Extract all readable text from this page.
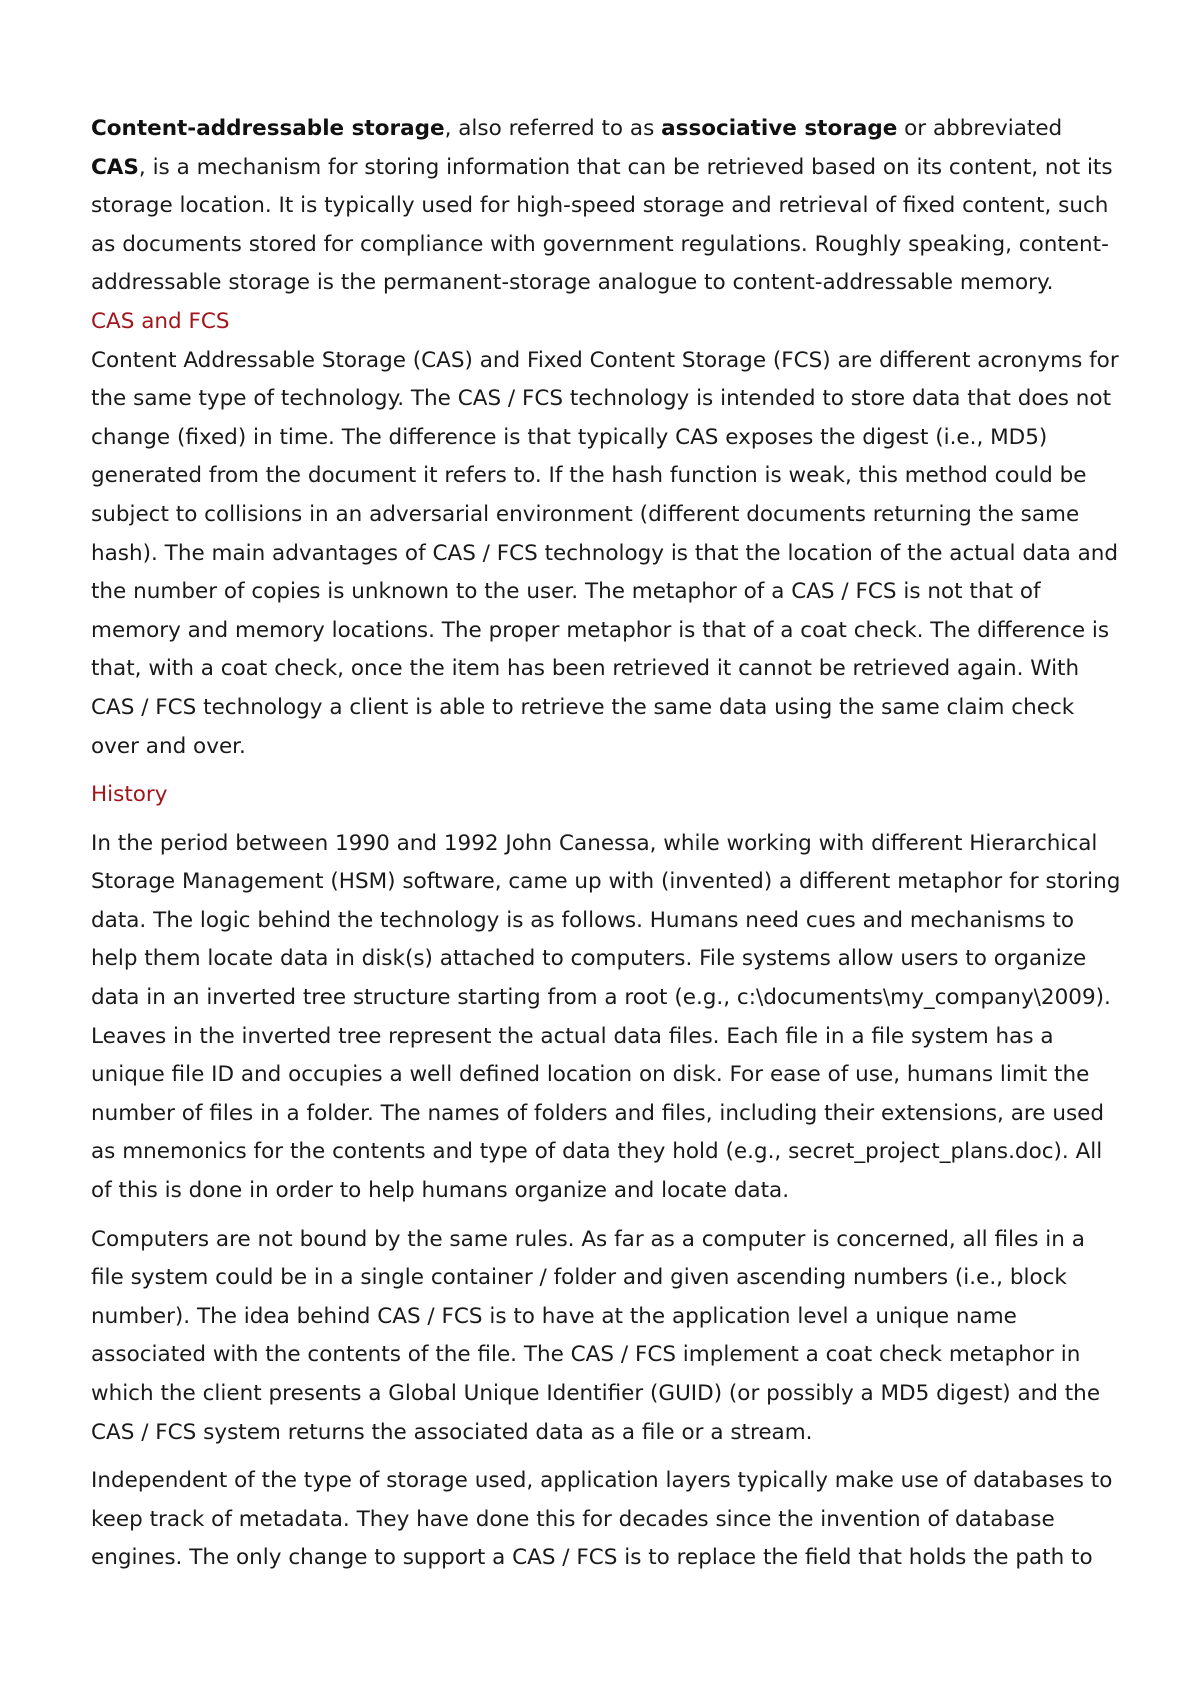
Content-addressable storage, also referred to as associative storage or abbreviated CAS, is a mechanism for storing information that can be retrieved based on its content, not its storage location. It is typically used for high-speed storage and retrieval of fixed content, such as documents stored for compliance with government regulations. Roughly speaking, content-addressable storage is the permanent-storage analogue to content-addressable memory.

CAS and FCS

Content Addressable Storage (CAS) and Fixed Content Storage (FCS) are different acronyms for the same type of technology. The CAS / FCS technology is intended to store data that does not change (fixed) in time. The difference is that typically CAS exposes the digest (i.e., MD5) generated from the document it refers to. If the hash function is weak, this method could be subject to collisions in an adversarial environment (different documents returning the same hash). The main advantages of CAS / FCS technology is that the location of the actual data and the number of copies is unknown to the user. The metaphor of a CAS / FCS is not that of memory and memory locations. The proper metaphor is that of a coat check. The difference is that, with a coat check, once the item has been retrieved it cannot be retrieved again. With CAS / FCS technology a client is able to retrieve the same data using the same claim check over and over.

History

In the period between 1990 and 1992 John Canessa, while working with different Hierarchical Storage Management (HSM) software, came up with (invented) a different metaphor for storing data. The logic behind the technology is as follows. Humans need cues and mechanisms to help them locate data in disk(s) attached to computers. File systems allow users to organize data in an inverted tree structure starting from a root (e.g., c:\documents\my_company\2009). Leaves in the inverted tree represent the actual data files. Each file in a file system has a unique file ID and occupies a well defined location on disk. For ease of use, humans limit the number of files in a folder. The names of folders and files, including their extensions, are used as mnemonics for the contents and type of data they hold (e.g., secret_project_plans.doc). All of this is done in order to help humans organize and locate data.

Computers are not bound by the same rules. As far as a computer is concerned, all files in a file system could be in a single container / folder and given ascending numbers (i.e., block number). The idea behind CAS / FCS is to have at the application level a unique name associated with the contents of the file. The CAS / FCS implement a coat check metaphor in which the client presents a Global Unique Identifier (GUID) (or possibly a MD5 digest) and the CAS / FCS system returns the associated data as a file or a stream.

Independent of the type of storage used, application layers typically make use of databases to keep track of metadata. They have done this for decades since the invention of database engines. The only change to support a CAS / FCS is to replace the field that holds the path to
